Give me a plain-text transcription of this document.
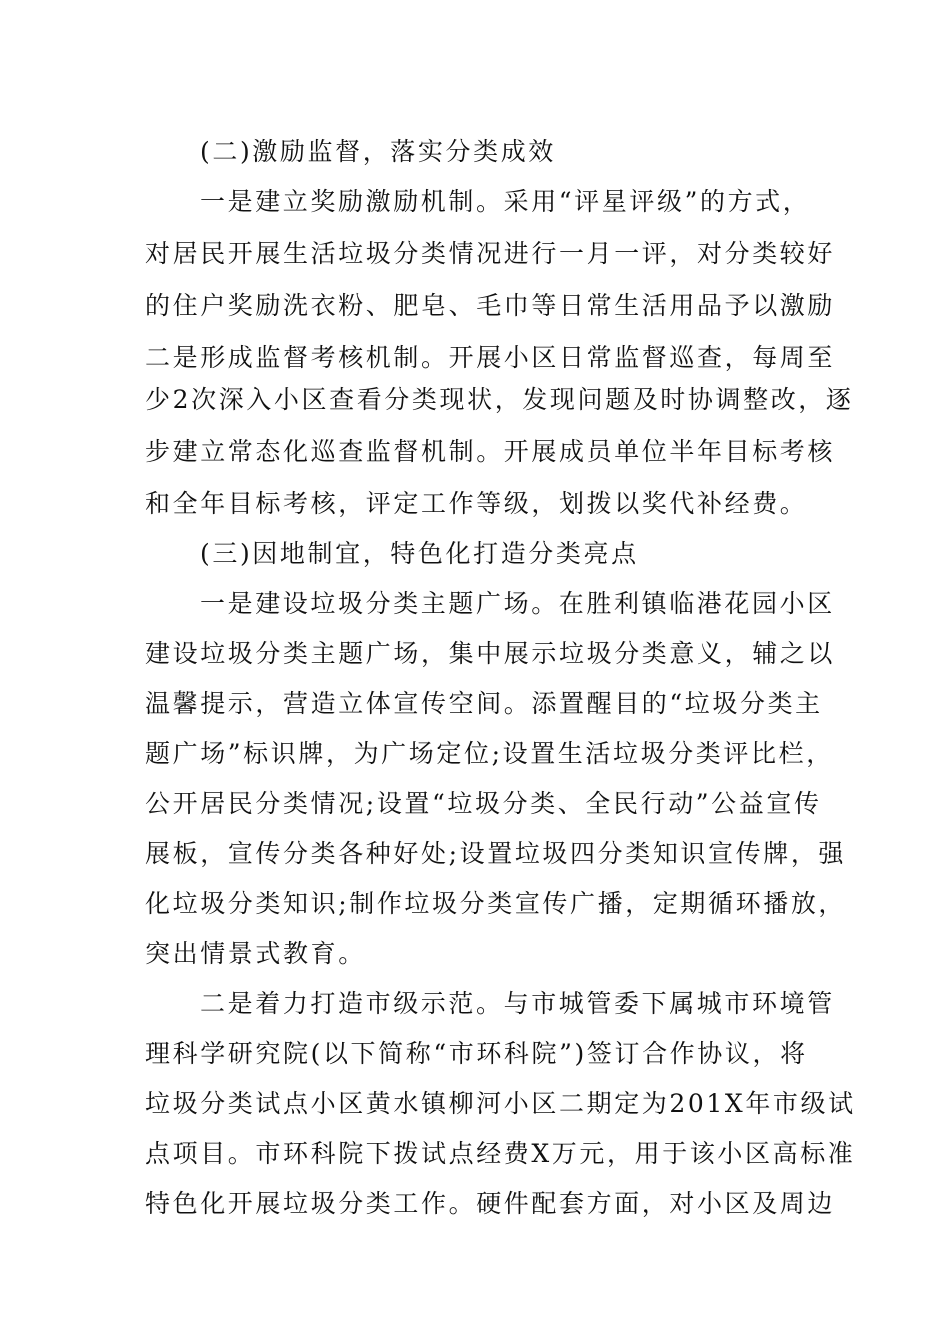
(二)激励监督，落实分类成效
一是建立奖励激励机制。采用“评星评级”的方式，
对居民开展生活垃圾分类情况进行一月一评，对分类较好
的住户奖励洗衣粉、肥皂、毛巾等日常生活用品予以激励
二是形成监督考核机制。开展小区日常监督巡查，每周至
少2次深入小区查看分类现状，发现问题及时协调整改，逐
步建立常态化巡查监督机制。开展成员单位半年目标考核
和全年目标考核，评定工作等级，划拨以奖代补经费。
(三)因地制宜，特色化打造分类亮点
一是建设垃圾分类主题广场。在胜利镇临港花园小区
建设垃圾分类主题广场，集中展示垃圾分类意义，辅之以
温馨提示，营造立体宣传空间。添置醒目的“垃圾分类主
题广场”标识牌，为广场定位;设置生活垃圾分类评比栏，
公开居民分类情况;设置“垃圾分类、全民行动”公益宣传
展板，宣传分类各种好处;设置垃圾四分类知识宣传牌，强
化垃圾分类知识;制作垃圾分类宣传广播，定期循环播放，
突出情景式教育。
二是着力打造市级示范。与市城管委下属城市环境管
理科学研究院(以下简称“市环科院”)签订合作协议，将
垃圾分类试点小区黄水镇柳河小区二期定为201X年市级试
点项目。市环科院下拨试点经费X万元，用于该小区高标准
特色化开展垃圾分类工作。硬件配套方面，对小区及周边
